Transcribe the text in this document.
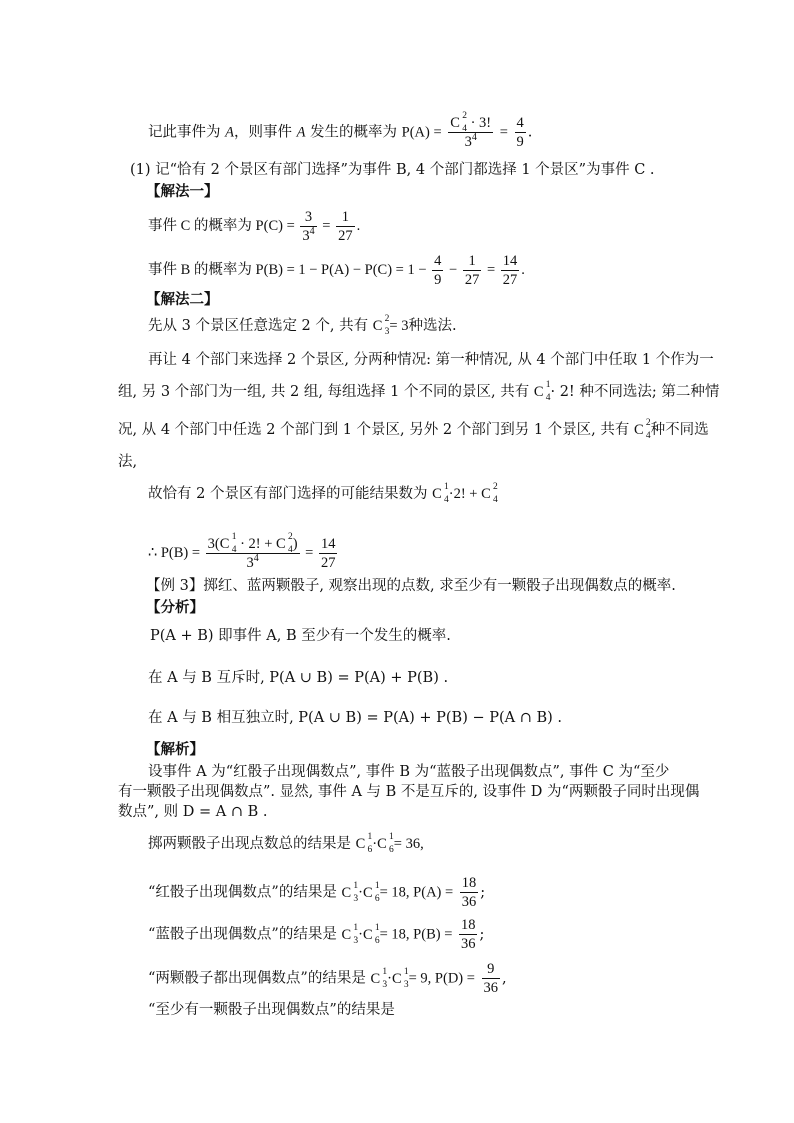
记此事件为 A，则事件 A 发生的概率为 P(A) = C 2
4 · 3!
$3^4 = \frac{4}{9}$ .
(1) 记“恰有 2 个景区有部门选择”为事件 B, 4 个部门都选择 1 个景区”为事件 C .
【解法一】
事件 C 的概率为 $P(C) = \frac{3}{3^4} = \frac{1}{27}$ .
事件 B 的概率为 $P(B) = 1 - P(A) - P(C) = 1 - \frac{4}{9} - \frac{1}{27} = \frac{14}{27}$ .
【解法二】
先从 3 个景区任意选定 2 个, 共有 C 2
3 = 3种选法.
再让 4 个部门来选择 2 个景区, 分两种情况: 第一种情况, 从 4 个部门中任取 1 个作为一
组, 另 3 个部门为一组, 共 2 组, 每组选择 1 个不同的景区, 共有 C 1
4 · 2! 种不同选法; 第二种情
况, 从 4 个部门中任选 2 个部门到 1 个景区, 另外 2 个部门到另 1 个景区, 共有 C 2
4 种不同选
法,
故恰有 2 个景区有部门选择的可能结果数为 C 1
4 ·2! + C 2
4
∴ P(B) = 3(C 1
4 · 2! + C 2
4 )
$3^4 = \frac{14}{27}$
【例 3】掷红、蓝两颗骰子, 观察出现的点数, 求至少有一颗骰子出现偶数点的概率.
【分析】
P(A + B) 即事件 A, B 至少有一个发生的概率.
在 A 与 B 互斥时, P(A ∪ B) = P(A) + P(B) .
在 A 与 B 相互独立时, P(A ∪ B) = P(A) + P(B) − P(A ∩ B) .
【解析】
设事件 A 为“红骰子出现偶数点”, 事件 B 为“蓝骰子出现偶数点”, 事件 C 为“至少
有一颗骰子出现偶数点”. 显然, 事件 A 与 B 不是互斥的, 设事件 D 为“两颗骰子同时出现偶
数点”, 则 D = A ∩ B .
掷两颗骰子出现点数总的结果是 C 1
6 ·C 1
6 = 36,
“红骰子出现偶数点”的结果是 C 1
3 ·C 1
6 = 18, $P(A) = \frac{18}{36}$ ;
“蓝骰子出现偶数点”的结果是 C 1
3 ·C 1
6 = 18, $P(B) = \frac{18}{36}$ ;
“两颗骰子都出现偶数点”的结果是 C 1
3 ·C 1
3 = 9, $P(D) = \frac{9}{36}$ ,
“至少有一颗骰子出现偶数点”的结果是
